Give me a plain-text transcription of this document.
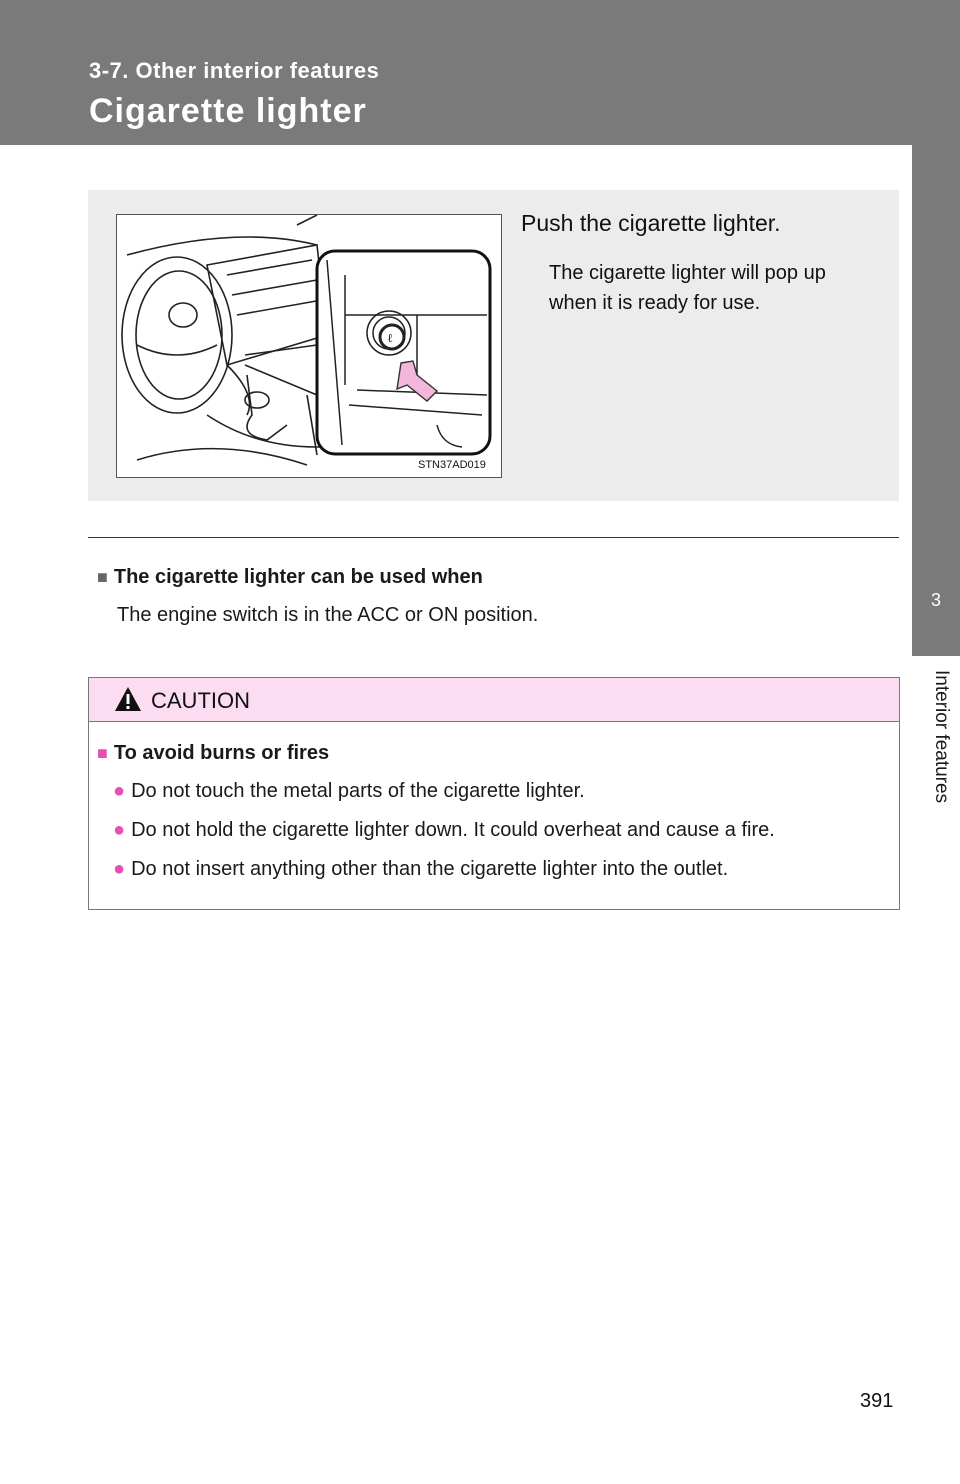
3-7. Other interior features
Cigarette lighter
3
Interior features
ℓ
STN37AD019
Push the cigarette lighter.
The cigarette lighter will pop up when it is ready for use.
■ The cigarette lighter can be used when
The engine switch is in the ACC or ON position.
CAUTION
■ To avoid burns or fires
● Do not touch the metal parts of the cigarette lighter.
● Do not hold the cigarette lighter down. It could overheat and cause a fire.
● Do not insert anything other than the cigarette lighter into the outlet.
391
